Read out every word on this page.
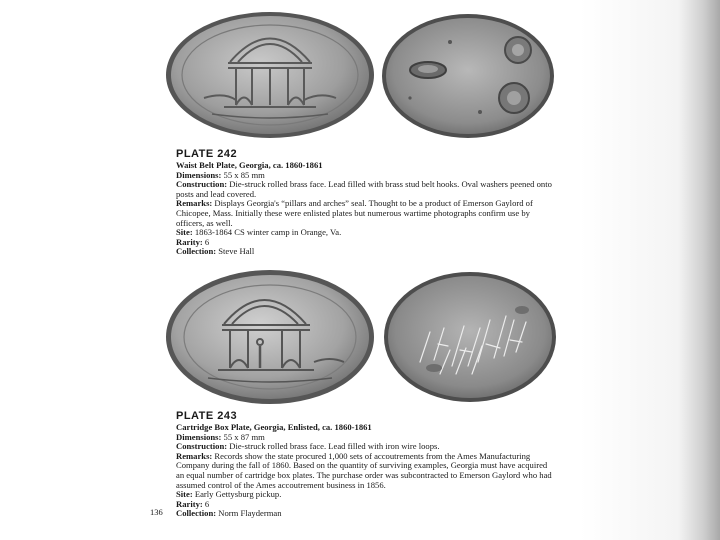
PLATE 242
Waist Belt Plate, Georgia, ca. 1860-1861

Dimensions: 55 x 85 mm

Construction: Die-struck rolled brass face. Lead filled with brass stud belt hooks. Oval washers peened onto posts and lead covered.

Remarks: Displays Georgia's “pillars and arches” seal. Thought to be a product of Emerson Gaylord of Chicopee, Mass. Initially these were enlisted plates but numerous wartime photographs confirm use by officers, as well.

Site: 1863-1864 CS winter camp in Orange, Va.

Rarity: 6

Collection: Steve Hall

PLATE 243
Cartridge Box Plate, Georgia, Enlisted, ca. 1860-1861

Dimensions: 55 x 87 mm

Construction: Die-struck rolled brass face. Lead filled with iron wire loops.

Remarks: Records show the state procured 1,000 sets of accoutrements from the Ames Manufacturing Company during the fall of 1860. Based on the quantity of surviving examples, Georgia must have acquired an equal number of cartridge box plates. The purchase order was subcontracted to Emerson Gaylord who had assumed control of the Ames accoutrement business in 1856.

Site: Early Gettysburg pickup.

Rarity: 6

Collection: Norm Flayderman

136
